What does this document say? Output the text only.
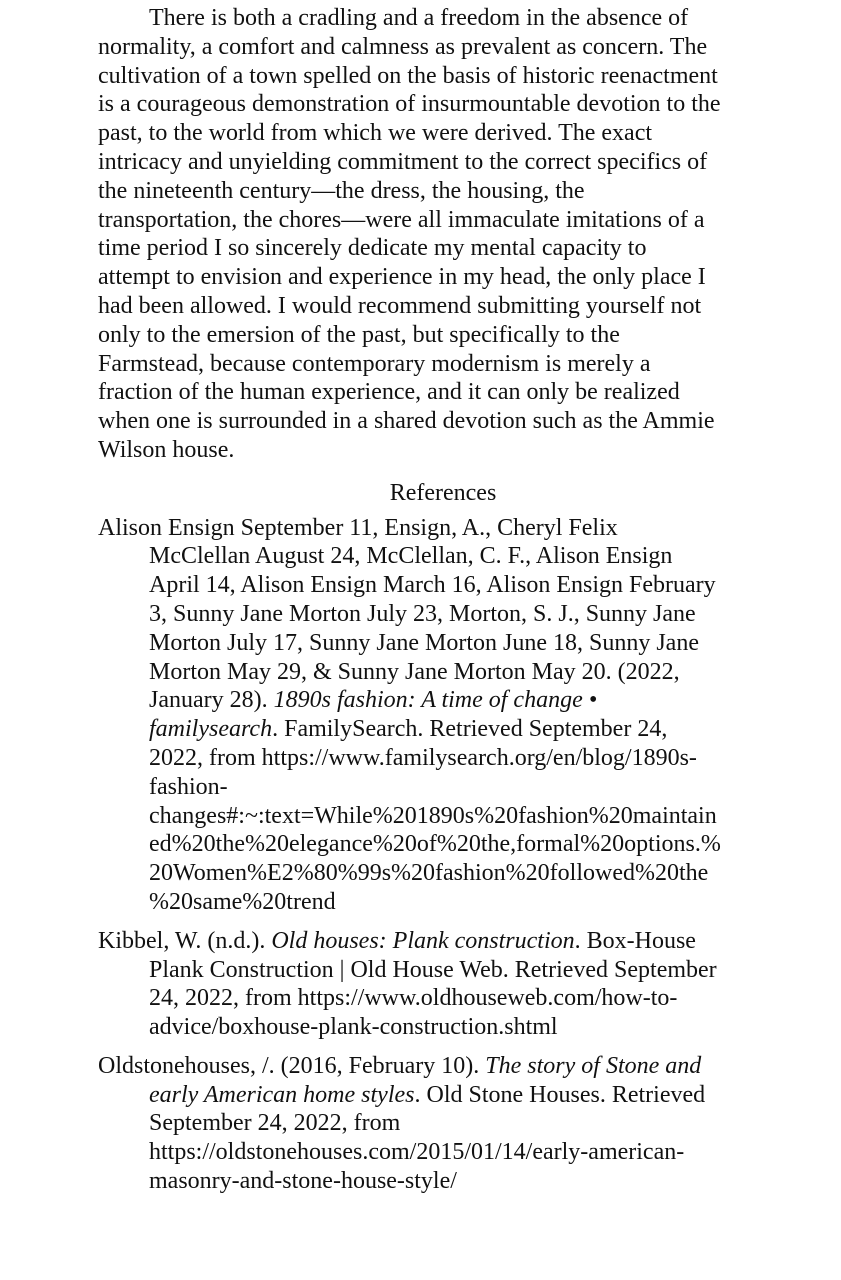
There is both a cradling and a freedom in the absence of
normality, a comfort and calmness as prevalent as concern. The
cultivation of a town spelled on the basis of historic reenactment
is a courageous demonstration of insurmountable devotion to the
past, to the world from which we were derived. The exact
intricacy and unyielding commitment to the correct specifics of
the nineteenth century—the dress, the housing, the
transportation, the chores—were all immaculate imitations of a
time period I so sincerely dedicate my mental capacity to
attempt to envision and experience in my head, the only place I
had been allowed. I would recommend submitting yourself not
only to the emersion of the past, but specifically to the
Farmstead, because contemporary modernism is merely a
fraction of the human experience, and it can only be realized
when one is surrounded in a shared devotion such as the Ammie
Wilson house.
References
Alison Ensign September 11, Ensign, A., Cheryl Felix
McClellan August 24, McClellan, C. F., Alison Ensign
April 14, Alison Ensign March 16, Alison Ensign February
3, Sunny Jane Morton July 23, Morton, S. J., Sunny Jane
Morton July 17, Sunny Jane Morton June 18, Sunny Jane
Morton May 29, & Sunny Jane Morton May 20. (2022,
January 28). 1890s fashion: A time of change •
familysearch. FamilySearch. Retrieved September 24,
2022, from https://www.familysearch.org/en/blog/1890s-
fashion-
changes#:~:text=While%201890s%20fashion%20maintain
ed%20the%20elegance%20of%20the,formal%20options.%
20Women%E2%80%99s%20fashion%20followed%20the
%20same%20trend
Kibbel, W. (n.d.). Old houses: Plank construction. Box-House
Plank Construction | Old House Web. Retrieved September
24, 2022, from https://www.oldhouseweb.com/how-to-
advice/boxhouse-plank-construction.shtml
Oldstonehouses, /. (2016, February 10). The story of Stone and
early American home styles. Old Stone Houses. Retrieved
September 24, 2022, from
https://oldstonehouses.com/2015/01/14/early-american-
masonry-and-stone-house-style/
